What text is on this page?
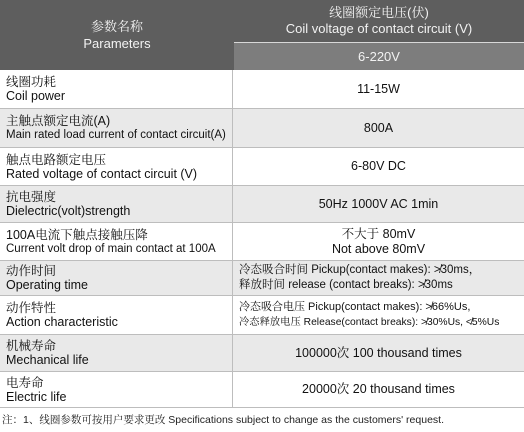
参数名称
Parameters
线圈额定电压(伏)
Coil voltage of contact circuit (V)
6-220V
线圈功耗
Coil power
11-15W
主触点额定电流(A)
Main rated load current of contact circuit(A)
800A
触点电路额定电压
Rated voltage of contact circuit (V)
6-80V DC
抗电强度
Dielectric(volt)strength
50Hz 1000V AC 1min
100A电流下触点接触压降
Current volt drop of main contact at 100A
不大于 80mV
Not above 80mV
动作时间
Operating time
冷态吸合时间 Pickup(contact makes): ≯30ms，
释放时间 release (contact breaks): ≯30ms
动作特性
Action characteristic
冷态吸合电压 Pickup(contact makes): ≯66%Us,
冷态释放电压 Release(contact breaks): ≯30%Us, ≮5%Us
机械寿命
Mechanical life
100000次 100 thousand times
电寿命
Electric life
20000次 20 thousand times
注：1、线圈参数可按用户要求更改 Specifications subject to change as the customers' request.
